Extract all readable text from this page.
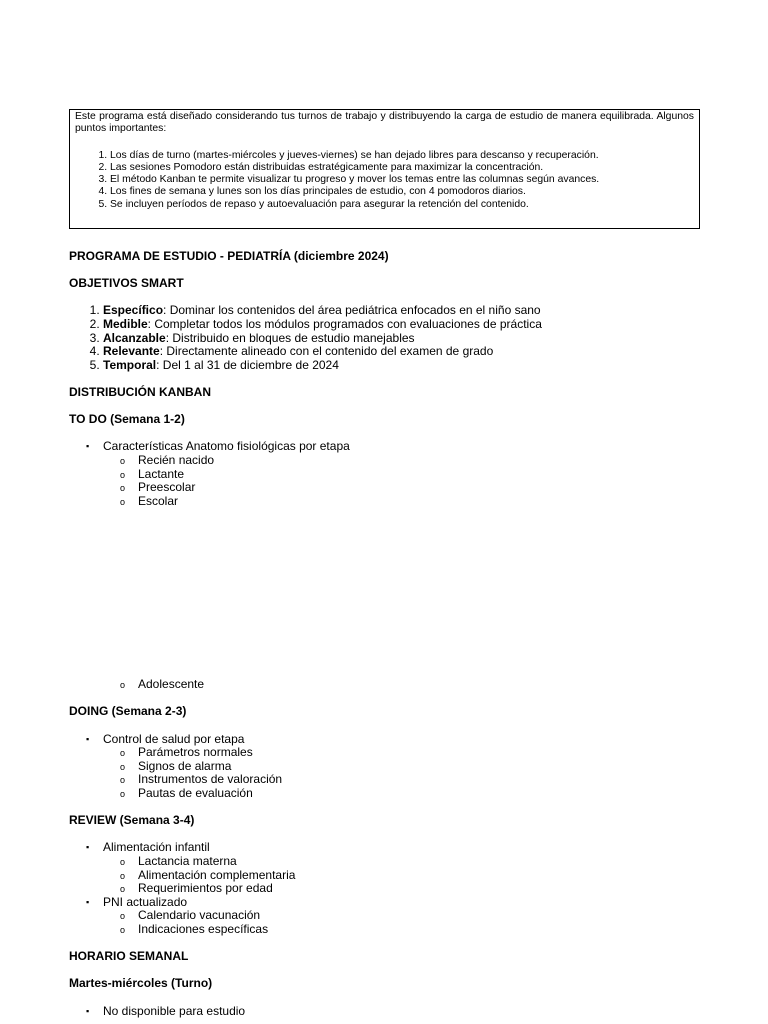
Este programa está diseñado considerando tus turnos de trabajo y distribuyendo la carga de estudio de manera equilibrada. Algunos puntos importantes:

1. Los días de turno (martes-miércoles y jueves-viernes) se han dejado libres para descanso y recuperación.
2. Las sesiones Pomodoro están distribuidas estratégicamente para maximizar la concentración.
3. El método Kanban te permite visualizar tu progreso y mover los temas entre las columnas según avances.
4. Los fines de semana y lunes son los días principales de estudio, con 4 pomodoros diarios.
5. Se incluyen períodos de repaso y autoevaluación para asegurar la retención del contenido.

PROGRAMA DE ESTUDIO - PEDIATRÍA (diciembre 2024)

OBJETIVOS SMART

1. Específico: Dominar los contenidos del área pediátrica enfocados en el niño sano
2. Medible: Completar todos los módulos programados con evaluaciones de práctica
3. Alcanzable: Distribuido en bloques de estudio manejables
4. Relevante: Directamente alineado con el contenido del examen de grado
5. Temporal: Del 1 al 31 de diciembre de 2024

DISTRIBUCIÓN KANBAN

TO DO (Semana 1-2)

▪ Características Anatomo fisiológicas por etapa
o Recién nacido
o Lactante
o Preescolar
o Escolar
o Adolescente

DOING (Semana 2-3)

▪ Control de salud por etapa
o Parámetros normales
o Signos de alarma
o Instrumentos de valoración
o Pautas de evaluación

REVIEW (Semana 3-4)

▪ Alimentación infantil
o Lactancia materna
o Alimentación complementaria
o Requerimientos por edad
▪ PNI actualizado
o Calendario vacunación
o Indicaciones específicas

HORARIO SEMANAL

Martes-miércoles (Turno)

▪ No disponible para estudio
